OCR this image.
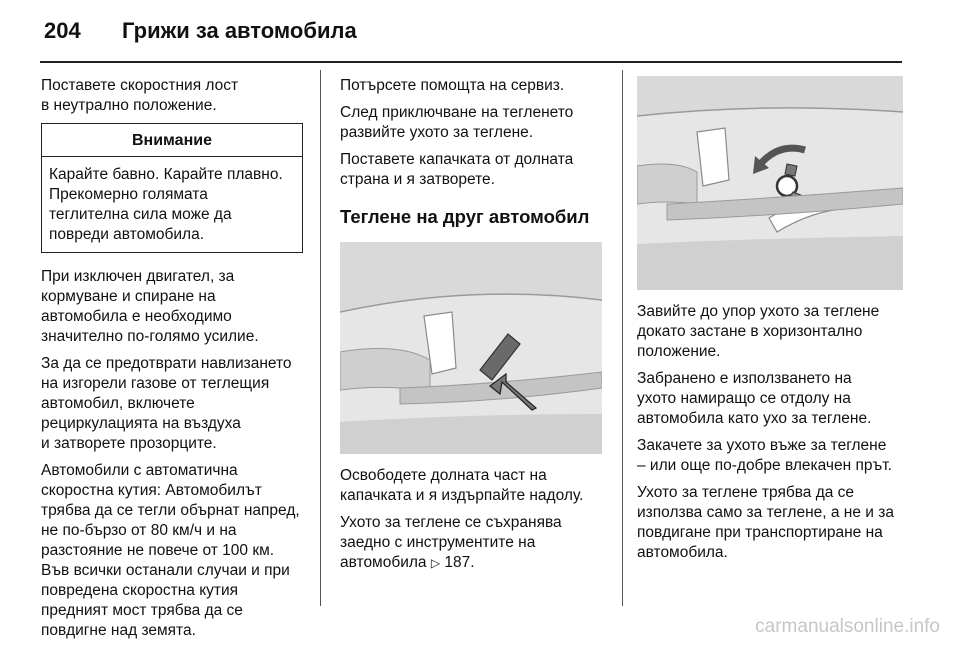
204 Грижи за автомобила

Поставете скоростния лост
в неутрално положение.

Внимание
Карайте бавно. Карайте плавно.
Прекомерно голямата
теглителна сила може да
повреди автомобила.

При изключен двигател, за
кормуване и спиране на
автомобила е необходимо
значително по-голямо усилие.

За да се предотврати навлизането
на изгорели газове от теглещия
автомобил, включете
рециркулацията на въздуха
и затворете прозорците.

Автомобили с автоматична
скоростна кутия: Автомобилът
трябва да се тегли обърнат напред,
не по-бързо от 80 км/ч и на
разстояние не повече от 100 км.
Във всички останали случаи и при
повредена скоростна кутия
предният мост трябва да се
повдигне над земята.

Потърсете помощта на сервиз.

След приключване на тегленето
развийте ухото за теглене.

Поставете капачката от долната
страна и я затворете.

Теглене на друг автомобил

Освободете долната част на
капачката и я издърпайте надолу.

Ухото за теглене се съхранява
заедно с инструментите на
автомобила ▷ 187.

Завийте до упор ухото за теглене
докато застане в хоризонтално
положение.

Забранено е използването на
ухото намиращо се отдолу на
автомобила като ухо за теглене.

Закачете за ухото въже за теглене
– или още по-добре влекачен прът.

Ухото за теглене трябва да се
използва само за теглене, а не и за
повдигане при транспортиране на
автомобила.

carmanualsonline.info
